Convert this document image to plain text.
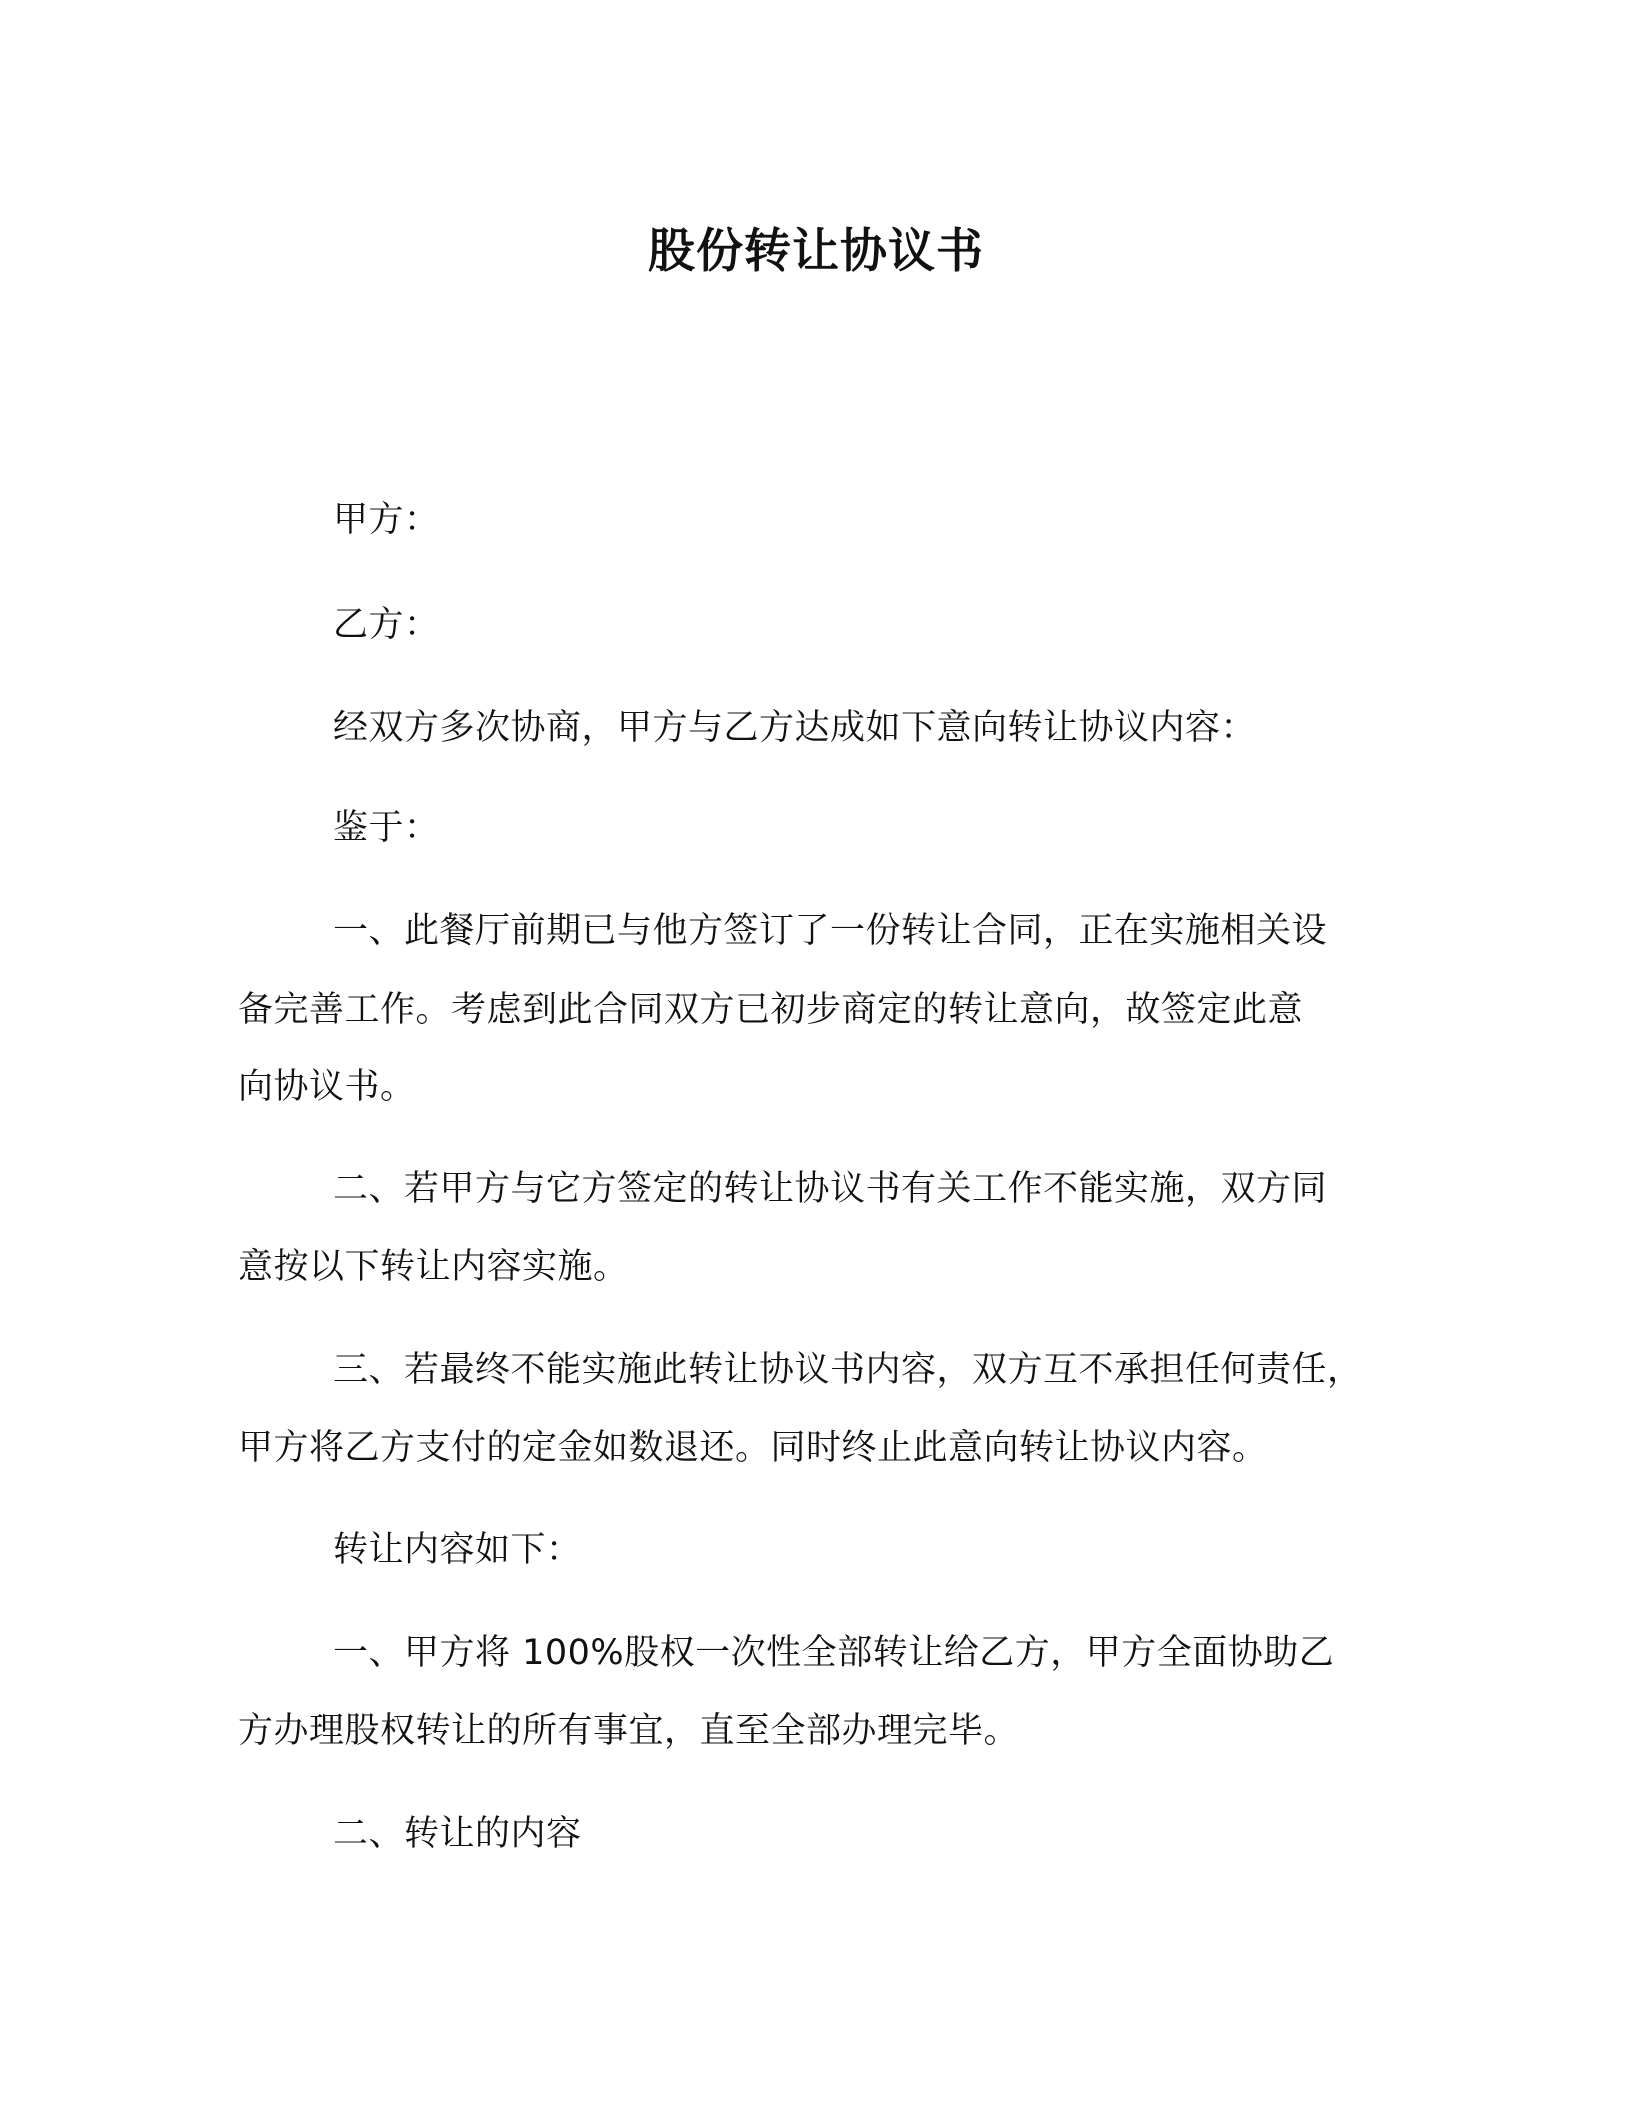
股份转让协议书
甲方：
乙方：
经双方多次协商，甲方与乙方达成如下意向转让协议内容：
鉴于：
一、此餐厅前期已与他方签订了一份转让合同，正在实施相关设
备完善工作。考虑到此合同双方已初步商定的转让意向，故签定此意
向协议书。
二、若甲方与它方签定的转让协议书有关工作不能实施，双方同
意按以下转让内容实施。
三、若最终不能实施此转让协议书内容，双方互不承担任何责任，
甲方将乙方支付的定金如数退还。同时终止此意向转让协议内容。
转让内容如下：
一、甲方将 100%股权一次性全部转让给乙方，甲方全面协助乙
方办理股权转让的所有事宜，直至全部办理完毕。
二、转让的内容
